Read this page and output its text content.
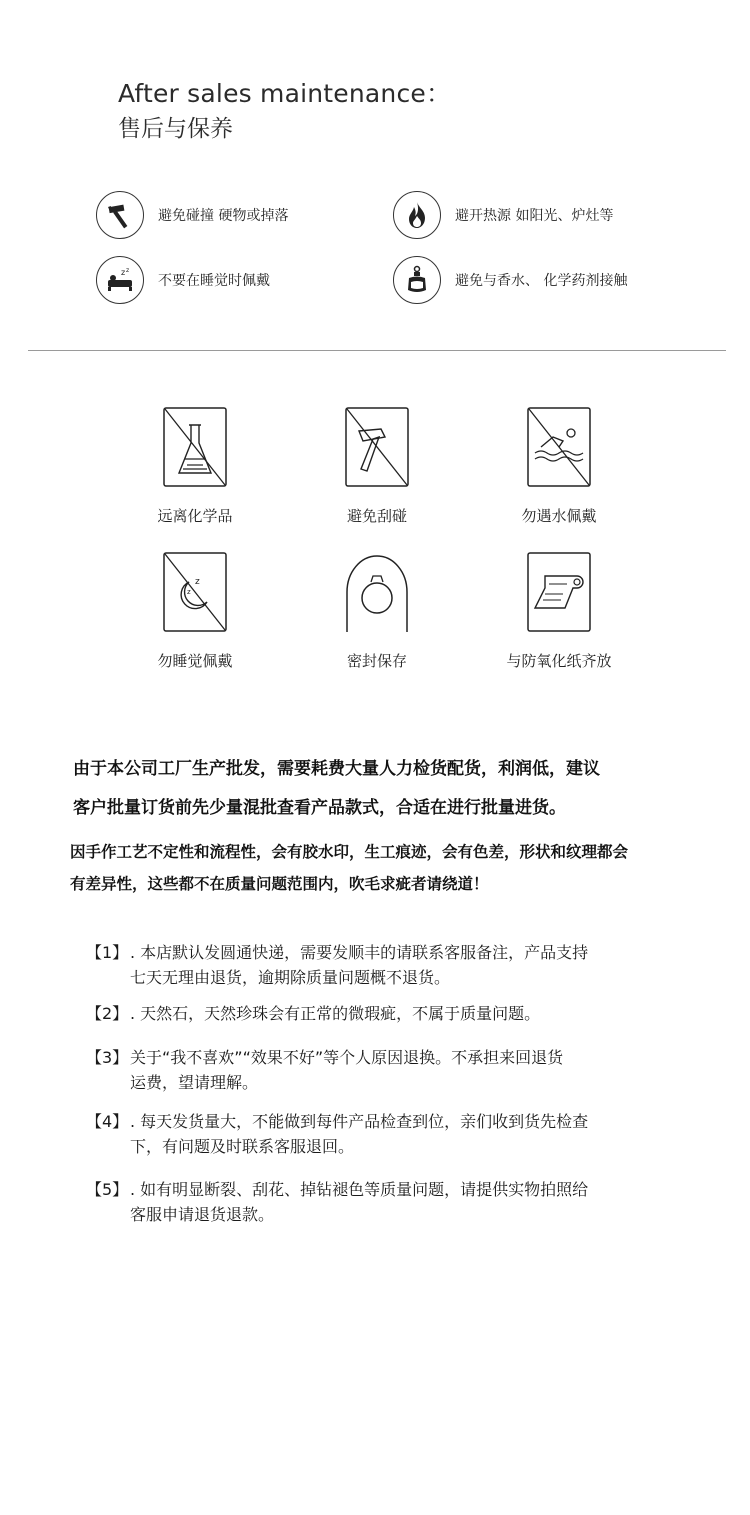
After sales maintenance：
售后与保养
避免碰撞 硬物或掉落	避开热源 如阳光、炉灶等
z z
不要在睡觉时佩戴	避免与香水、 化学药剂接触
远离化学品	避免刮碰	勿遇水佩戴
z
z
勿睡觉佩戴	密封保存	与防氧化纸齐放
由于本公司工厂生产批发，需要耗费大量人力检货配货，利润低，建议
客户批量订货前先少量混批查看产品款式，合适在进行批量进货。
因手作工艺不定性和流程性，会有胶水印，生工痕迹，会有色差，形状和纹理都会
有差异性，这些都不在质量问题范围内，吹毛求疵者请绕道！
【1】 . 本店默认发圆通快递，需要发顺丰的请联系客服备注，产品支持
七天无理由退货，逾期除质量问题概不退货。
【2】 . 天然石，天然珍珠会有正常的微瑕疵，不属于质量问题。
【3】 关于“我不喜欢”“效果不好”等个人原因退换。不承担来回退货
运费，望请理解。
【4】 . 每天发货量大，不能做到每件产品检查到位，亲们收到货先检查
下，有问题及时联系客服退回。
【5】 . 如有明显断裂、刮花、掉钻褪色等质量问题，请提供实物拍照给
客服申请退货退款。
